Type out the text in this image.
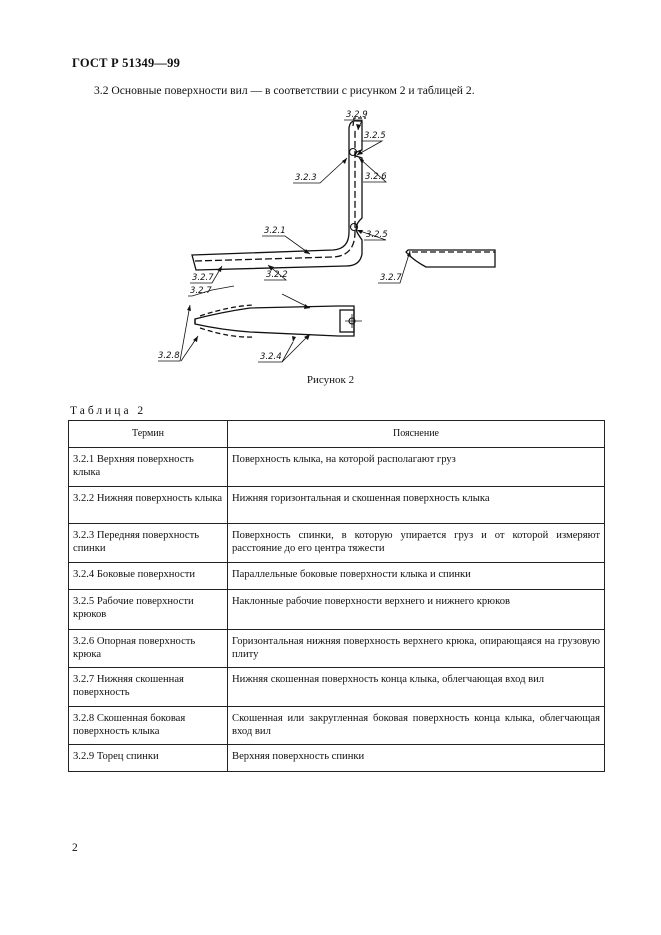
ГОСТ Р 51349—99
3.2 Основные поверхности вил — в соответствии с рисунком 2 и таблицей 2.
3.2.9
3.2.5
3.2.3	3.2.6
3.2.1	3.2.5
3.2.7	3.2.2	3.2.7
3.2.7
3.2.8	3.2.4
Рисунок 2
Таблица 2
Термин	Пояснение
3.2.1 Верхняя поверхность клыка	Поверхность клыка, на которой располагают груз
3.2.2 Нижняя поверхность клыка	Нижняя горизонтальная и скошенная поверхность клыка
3.2.3 Передняя поверхность спинки	Поверхность спинки, в которую упирается груз и от которой измеряют расстояние до его центра тяжести
3.2.4 Боковые поверхности	Параллельные боковые поверхности клыка и спинки
3.2.5 Рабочие поверхности крюков	Наклонные рабочие поверхности верхнего и нижнего крюков
3.2.6 Опорная поверхность крюка	Горизонтальная нижняя поверхность верхнего крюка, опирающаяся на грузовую плиту
3.2.7 Нижняя скошенная поверхность	Нижняя скошенная поверхность конца клыка, облегчающая вход вил
3.2.8 Скошенная боковая поверхность клыка	Скошенная или закругленная боковая поверхность конца клыка, облегчающая вход вил
3.2.9 Торец спинки	Верхняя поверхность спинки
2
